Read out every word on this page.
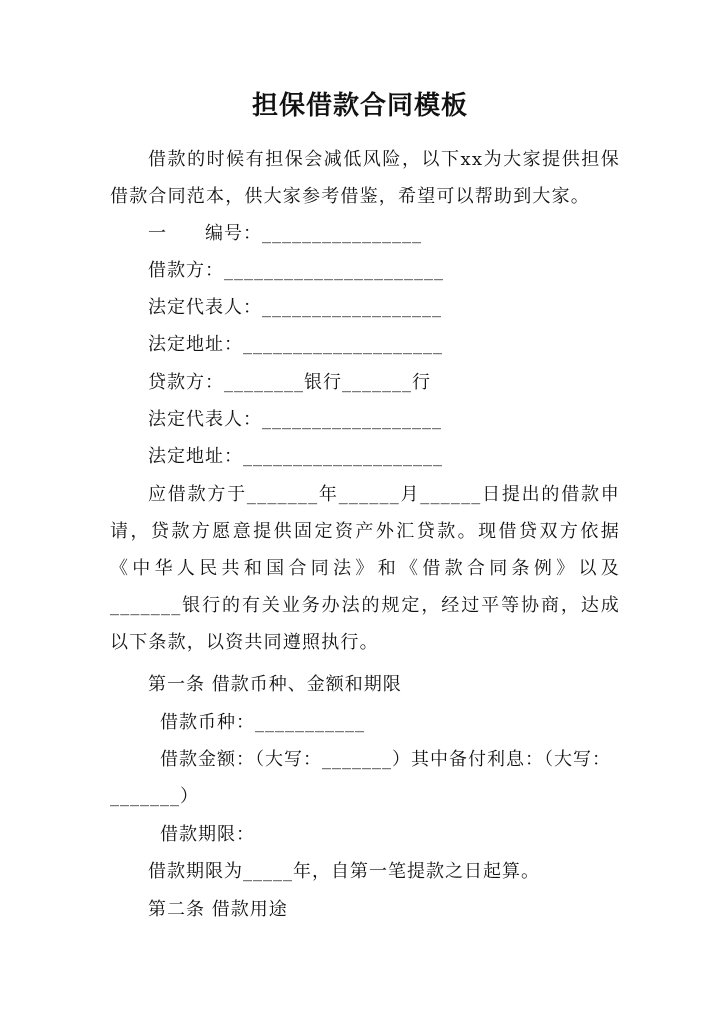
担保借款合同模板
借款的时候有担保会减低风险，以下xx为大家提供担保借款合同范本，供大家参考借鉴，希望可以帮助到大家。
一　　编号：________________
借款方：______________________
法定代表人：__________________
法定地址：____________________
贷款方：________银行_______行
法定代表人：__________________
法定地址：____________________
应借款方于_______年______月______日提出的借款申请，贷款方愿意提供固定资产外汇贷款。现借贷双方依据《中华人民共和国合同法》和《借款合同条例》以及_______银行的有关业务办法的规定，经过平等协商，达成以下条款，以资共同遵照执行。
第一条 借款币种、金额和期限
借款币种：___________
借款金额：（大写：_______）其中备付利息：（大写：
_______）
借款期限：
借款期限为_____年，自第一笔提款之日起算。
第二条 借款用途
